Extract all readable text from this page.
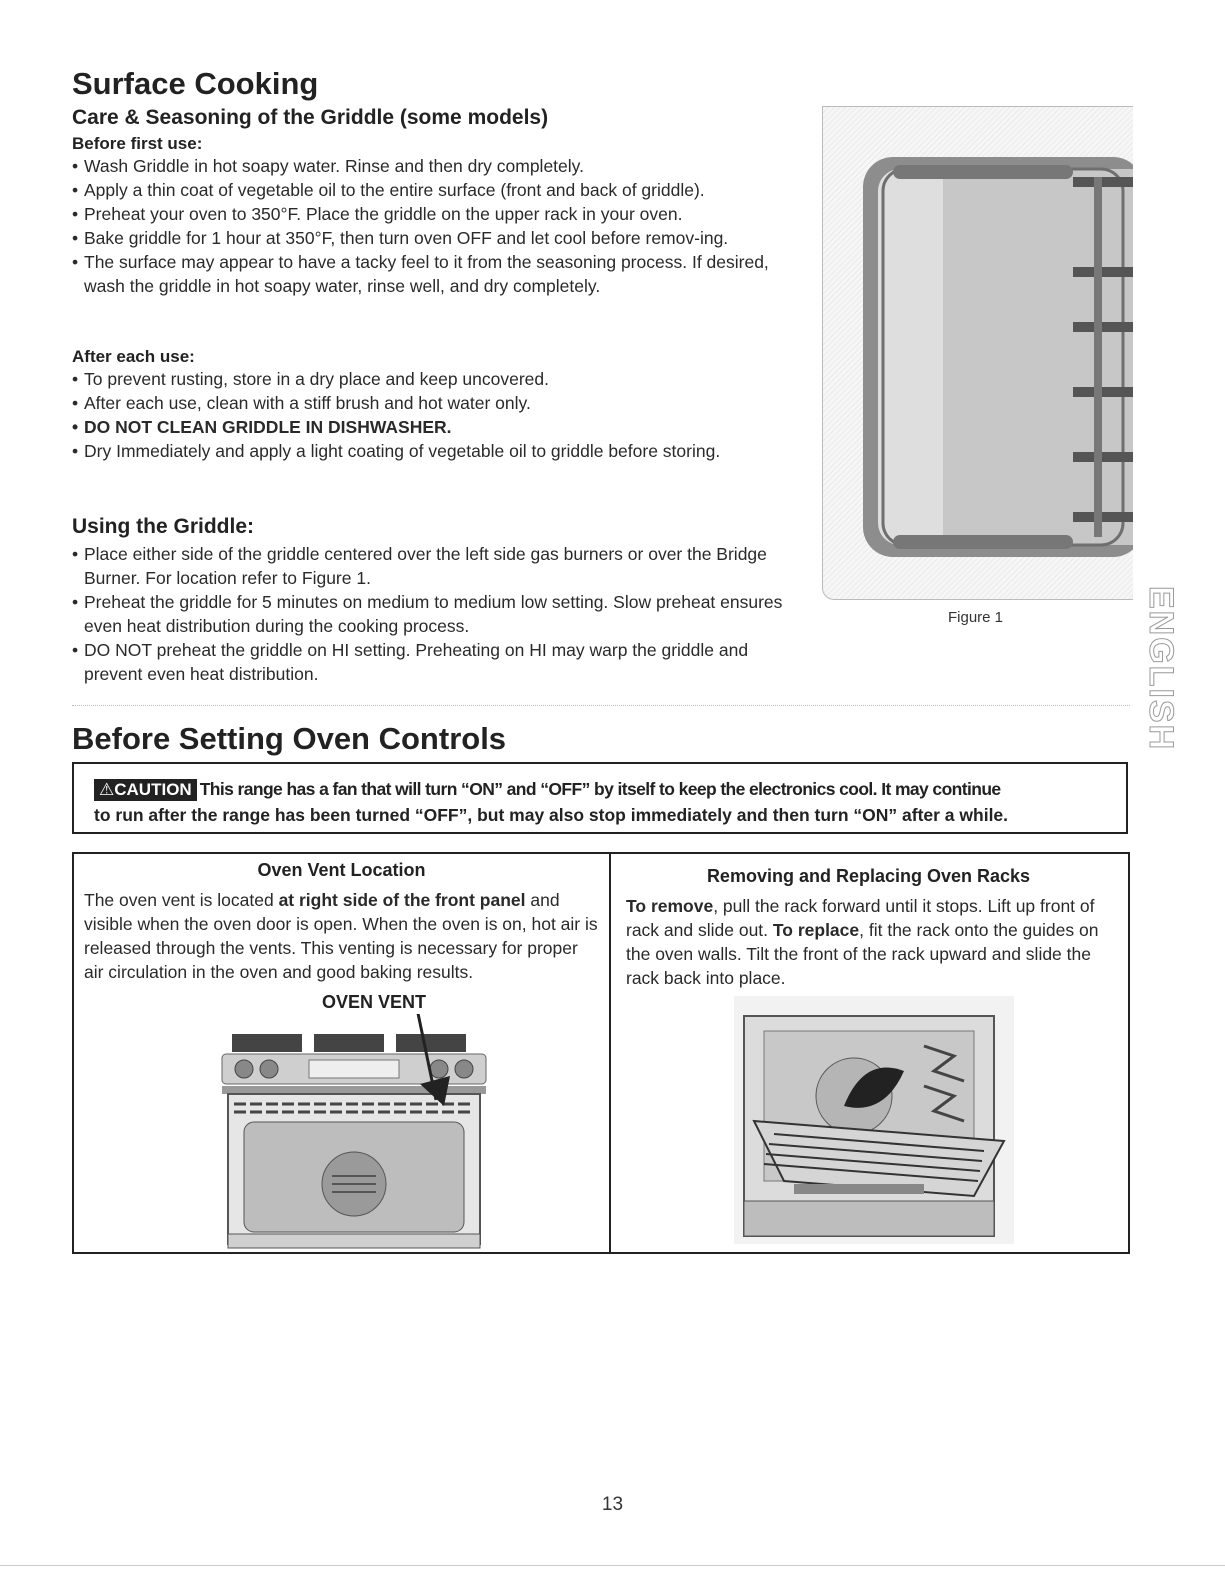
Surface Cooking
Care & Seasoning of the Griddle (some models)
Before first use:
• Wash Griddle in hot soapy water. Rinse and then dry completely.
• Apply a thin coat of vegetable oil to the entire surface (front and back of griddle).
• Preheat your oven to 350°F. Place the griddle on the upper rack in your oven.
• Bake griddle for 1 hour at 350°F, then turn oven OFF and let cool before remov-ing.
• The surface may appear to have a tacky feel to it from the seasoning process. If desired, wash the griddle in hot soapy water, rinse well, and dry completely.
After each use:
• To prevent rusting, store in a dry place and keep uncovered.
• After each use, clean with a stiff brush and hot water only.
• DO NOT CLEAN GRIDDLE IN DISHWASHER.
• Dry Immediately and apply a light coating of vegetable oil to griddle before storing.
Using the Griddle:
• Place either side of the griddle centered over the left side gas burners or over the Bridge Burner. For location refer to Figure 1.
• Preheat the griddle for 5 minutes on medium to medium low setting. Slow preheat ensures even heat distribution during the cooking process.
• DO NOT preheat the griddle on HI setting. Preheating on HI may warp the griddle and prevent even heat distribution.
Figure 1	ENGLISH
Before Setting Oven Controls
⚠CAUTION This range has a fan that will turn “ON” and “OFF” by itself to keep the electronics cool. It may continue
to run after the range has been turned “OFF”, but may also stop immediately and then turn “ON” after a while.
Oven Vent Location
The oven vent is located at right side of the front panel and visible when the oven door is open. When the oven is on, hot air is released through the vents. This venting is necessary for proper air circulation in the oven and good baking results.
OVEN VENT
Removing and Replacing Oven Racks
To remove, pull the rack forward until it stops. Lift up front of rack and slide out. To replace, fit the rack onto the guides on the oven walls. Tilt the front of the rack upward and slide the rack back into place.
13
